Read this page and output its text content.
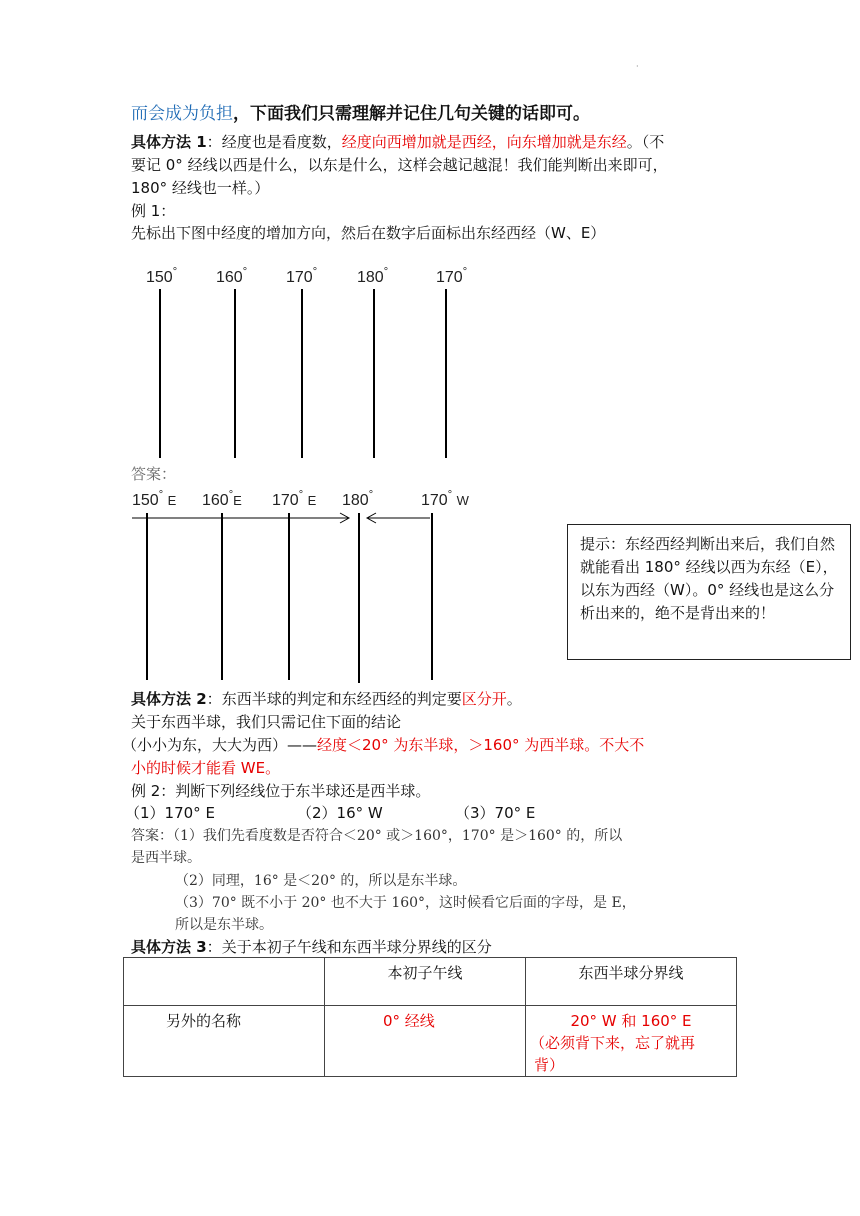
·
而会成为负担，下面我们只需理解并记住几句关键的话即可。
具体方法 1：经度也是看度数，经度向西增加就是西经，向东增加就是东经。（不
要记 0° 经线以西是什么，以东是什么，这样会越记越混！我们能判断出来即可，
180° 经线也一样。）
例 1：
先标出下图中经度的增加方向，然后在数字后面标出东经西经（W、E）
150° 160° 170° 180°	170°
答案：
150° E 160°E 170° E 180°	170° W
提示：东经西经判断出来后，我们自然就能看出 180° 经线以西为东经（E），以东为西经（W）。0° 经线也是这么分析出来的，绝不是背出来的！
具体方法 2：东西半球的判定和东经西经的判定要区分开。
关于东西半球，我们只需记住下面的结论
（小小为东，大大为西）——经度＜20° 为东半球，＞160° 为西半球。不大不
小的时候才能看 WE。
例 2：判断下列经线位于东半球还是西半球。
（1）170° E	（2）16° W	（3）70° E
答案：（1）我们先看度数是否符合＜20° 或＞160°，170° 是＞160° 的，所以
是西半球。
（2）同理，16° 是＜20° 的，所以是东半球。
（3）70° 既不小于 20° 也不大于 160°，这时候看它后面的字母，是 E，
所以是东半球。
具体方法 3：关于本初子午线和东西半球分界线的区分
	本初子午线	东西半球分界线
另外的名称	0° 经线	20° W 和 160° E
（必须背下来，忘了就再
背）
